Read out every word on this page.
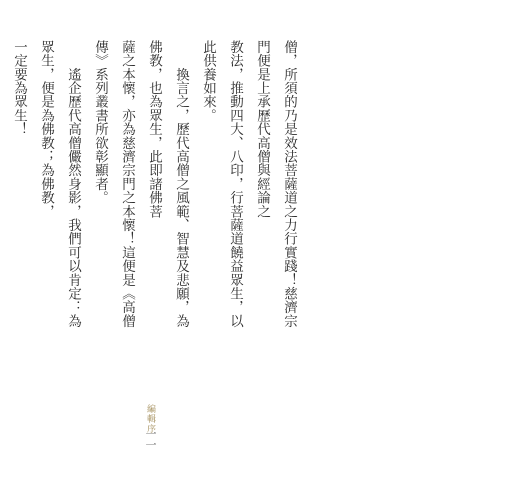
僧，所須的乃是效法菩薩道之力行實踐！慈濟宗門便是上承歷代高僧與經論之
教法，推動四大、八印，行菩薩道饒益眾生，以此供養如來。
　　換言之，歷代高僧之風範、智慧及悲願，為佛教，也為眾生，此即諸佛菩
薩之本懷，亦為慈濟宗門之本懷！這便是《高僧傳》系列叢書所欲彰顯者。
　　遙企歷代高僧儼然身影，我們可以肯定：為眾生，便是為佛教；為佛教，
一定要為眾生！
編輯序
一一
